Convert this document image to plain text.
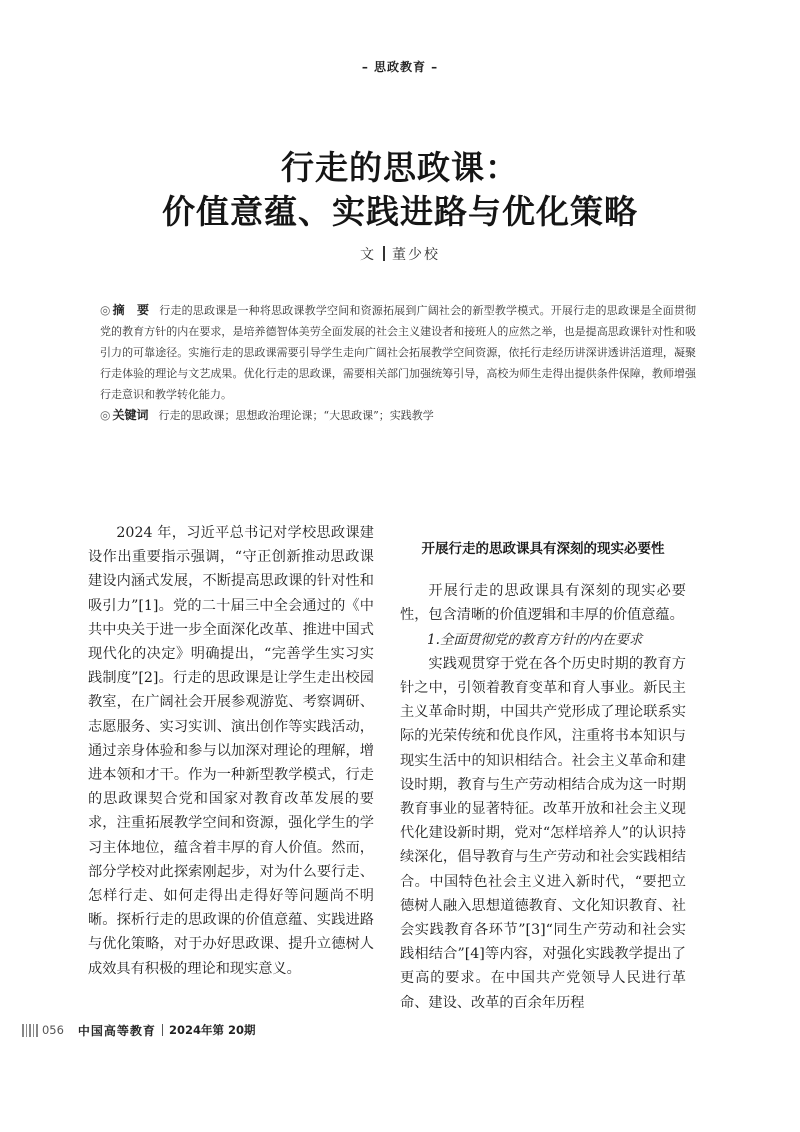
– 思政教育 –
行走的思政课：
价值意蕴、实践进路与优化策略
文 董少校

◎ 摘　要 行走的思政课是一种将思政课教学空间和资源拓展到广阔社会的新型教学模式。开展行走的思政课是全面贯彻党的教育方针的内在要求，是培养德智体美劳全面发展的社会主义建设者和接班人的应然之举，也是提高思政课针对性和吸引力的可靠途径。实施行走的思政课需要引导学生走向广阔社会拓展教学空间资源，依托行走经历讲深讲透讲活道理，凝聚行走体验的理论与文艺成果。优化行走的思政课，需要相关部门加强统筹引导，高校为师生走得出提供条件保障，教师增强行走意识和教学转化能力。

◎ 关键词 行走的思政课；思想政治理论课；“大思政课”；实践教学

2024 年，习近平总书记对学校思政课建设作出重要指示强调，“守正创新推动思政课建设内涵式发展，不断提高思政课的针对性和吸引力”[1]。党的二十届三中全会通过的《中共中央关于进一步全面深化改革、推进中国式现代化的决定》明确提出，“完善学生实习实践制度”[2]。行走的思政课是让学生走出校园教室，在广阔社会开展参观游览、考察调研、志愿服务、实习实训、演出创作等实践活动，通过亲身体验和参与以加深对理论的理解，增进本领和才干。作为一种新型教学模式，行走的思政课契合党和国家对教育改革发展的要求，注重拓展教学空间和资源，强化学生的学习主体地位，蕴含着丰厚的育人价值。然而，部分学校对此探索刚起步，对为什么要行走、怎样行走、如何走得出走得好等问题尚不明晰。探析行走的思政课的价值意蕴、实践进路与优化策略，对于办好思政课、提升立德树人成效具有积极的理论和现实意义。

开展行走的思政课具有深刻的现实必要性

开展行走的思政课具有深刻的现实必要性，包含清晰的价值逻辑和丰厚的价值意蕴。

1.全面贯彻党的教育方针的内在要求

实践观贯穿于党在各个历史时期的教育方针之中，引领着教育变革和育人事业。新民主主义革命时期，中国共产党形成了理论联系实际的光荣传统和优良作风，注重将书本知识与现实生活中的知识相结合。社会主义革命和建设时期，教育与生产劳动相结合成为这一时期教育事业的显著特征。改革开放和社会主义现代化建设新时期，党对“怎样培养人”的认识持续深化，倡导教育与生产劳动和社会实践相结合。中国特色社会主义进入新时代，“要把立德树人融入思想道德教育、文化知识教育、社会实践教育各环节”[3]“同生产劳动和社会实践相结合”[4]等内容，对强化实践教学提出了更高的要求。在中国共产党领导人民进行革命、建设、改革的百余年历程

056 中国高等教育 2024年第 20期
